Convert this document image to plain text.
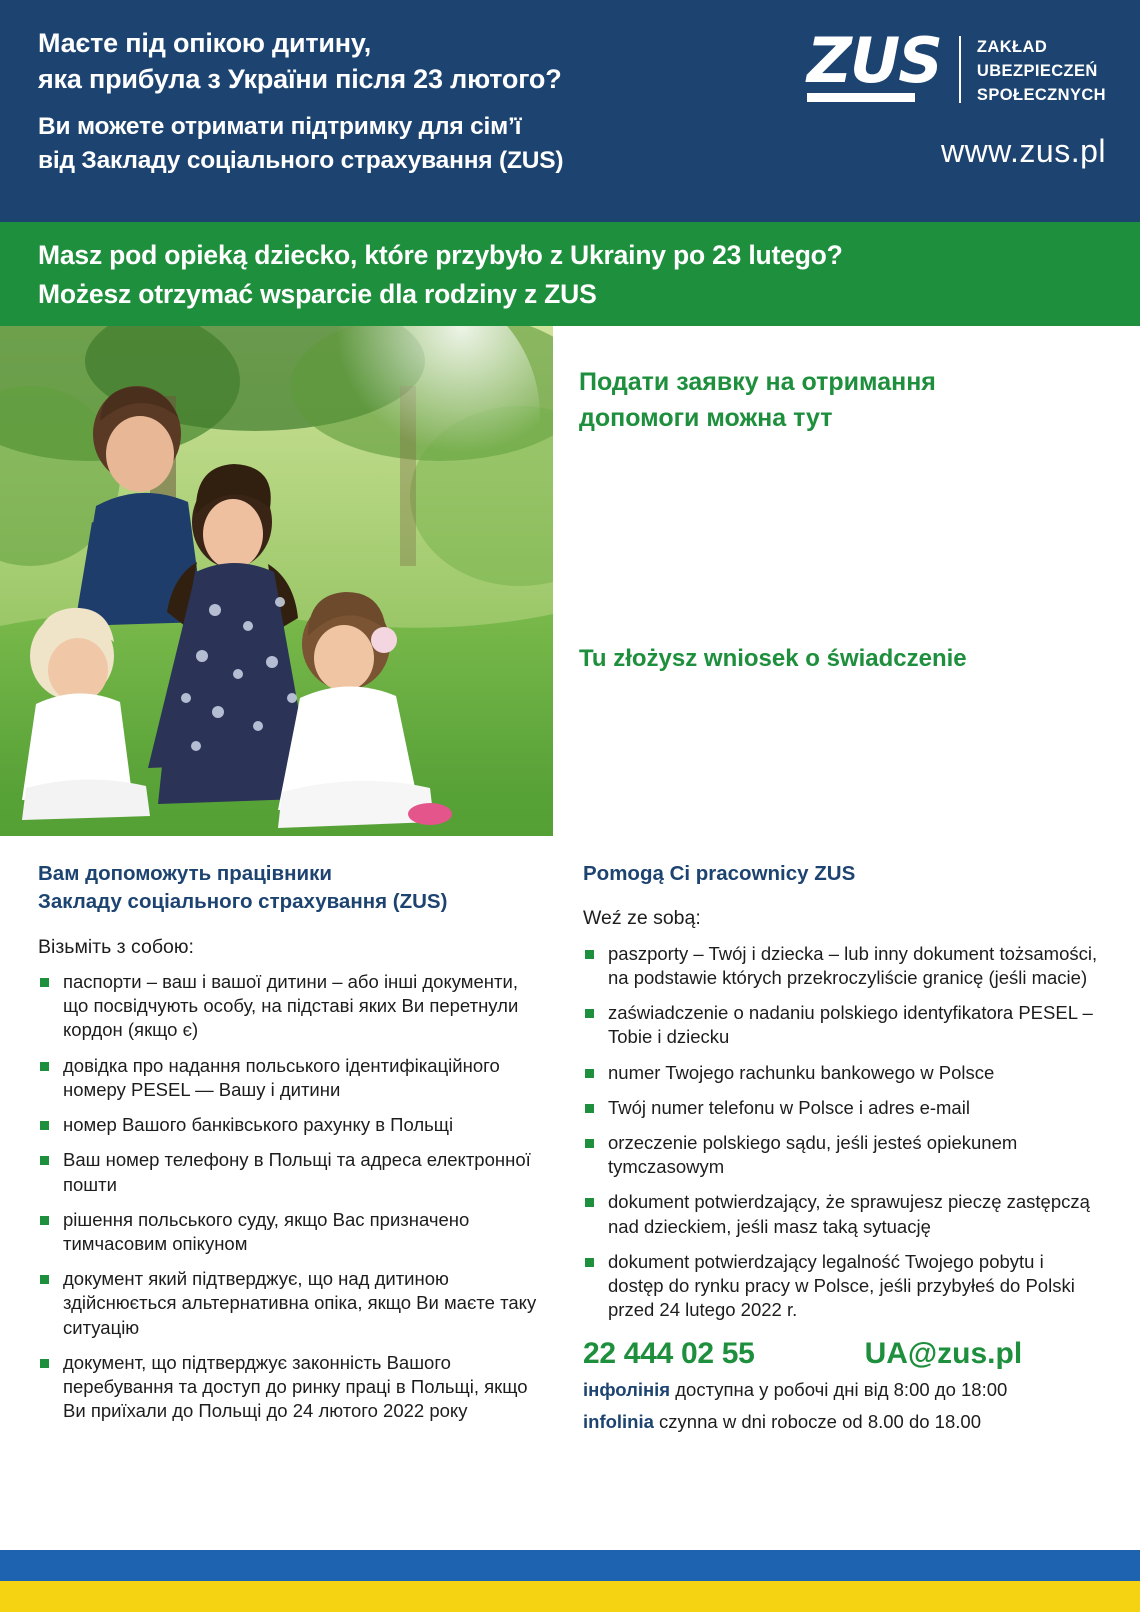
Маєте під опікою дитину,
яка прибула з України після 23 лютого?
Ви можете отримати підтримку для сім’ї
від Закладу соціального страхування (ZUS)
ZUS	ZAKŁAD
UBEZPIECZEŃ
SPOŁECZNYCH
www.zus.pl
Masz pod opieką dziecko, które przybyło z Ukrainy po 23 lutego?
Możesz otrzymać wsparcie dla rodziny z ZUS
Подати заявку на отримання
допомоги можна тут
Tu złożysz wniosek o świadczenie
Вам допоможуть працівники
Закладу соціального страхування (ZUS)
Візьміть з собою:
паспорти – ваш і вашої дитини – або інші документи, що посвідчують особу, на підставі яких Ви перетнули кордон (якщо є)
довідка про надання польського ідентифікаційного номеру PESEL — Вашу і дитини
номер Вашого банківського рахунку в Польщі
Ваш номер телефону в Польщі та адреса електронної пошти
рішення польського суду, якщо Вас призначено тимчасовим опікуном
документ який підтверджує, що над дитиною здійснюється альтернативна опіка, якщо Ви маєте таку ситуацію
документ, що підтверджує законність Вашого перебування та доступ до ринку праці в Польщі, якщо Ви приїхали до Польщі до 24 лютого 2022 року
Pomogą Ci pracownicy ZUS
Weź ze sobą:
paszporty – Twój i dziecka – lub inny dokument tożsamości, na podstawie których przekroczyliście granicę (jeśli macie)
zaświadczenie o nadaniu polskiego identyfikatora PESEL – Tobie i dziecku
numer Twojego rachunku bankowego w Polsce
Twój numer telefonu w Polsce i adres e-mail
orzeczenie polskiego sądu, jeśli jesteś opiekunem tymczasowym
dokument potwierdzający, że sprawujesz pieczę zastępczą nad dzieckiem, jeśli masz taką sytuację
dokument potwierdzający legalność Twojego pobytu i dostęp do rynku pracy w Polsce, jeśli przybyłeś do Polski przed 24 lutego 2022 r.
22 444 02 55	UA@zus.pl
інфолінія доступна у робочі дні від 8:00 до 18:00
infolinia czynna w dni robocze od 8.00 do 18.00
